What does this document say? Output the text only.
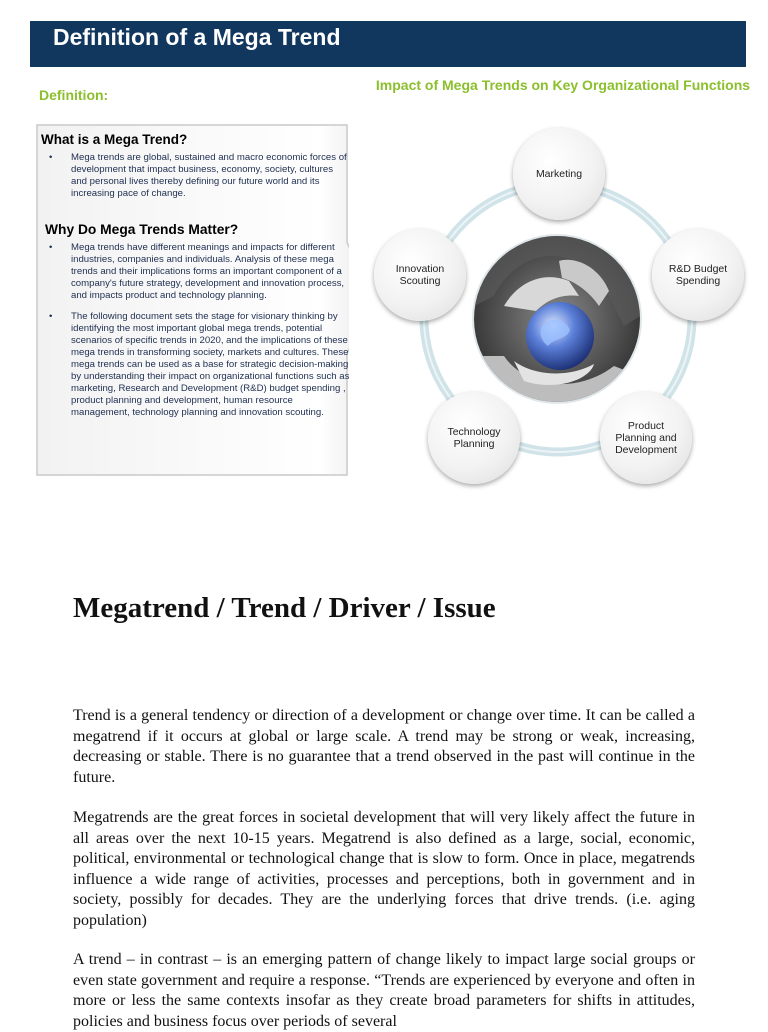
Definition of a Mega Trend
Definition:
Impact of Mega Trends on Key Organizational Functions
What is a Mega Trend?
• Mega trends are global, sustained and macro economic forces of development that impact business, economy, society, cultures and personal lives thereby defining our future world and its increasing pace of change.
Why Do Mega Trends Matter?
• Mega trends have different meanings and impacts for different industries, companies and individuals. Analysis of these mega trends and their implications forms an important component of a company's future strategy, development and innovation process, and impacts product and technology planning.
• The following document sets the stage for visionary thinking by identifying the most important global mega trends, potential scenarios of specific trends in 2020, and the implications of these mega trends in transforming society, markets and cultures. These mega trends can be used as a base for strategic decision-making by understanding their impact on organizational functions such as marketing, Research and Development (R&D) budget spending , product planning and development, human resource management, technology planning and innovation scouting.
Marketing
R&D Budget Spending
Product Planning and Development
Technology Planning
Innovation Scouting
Megatrend / Trend / Driver / Issue

Trend is a general tendency or direction of a development or change over time. It can be called a megatrend if it occurs at global or large scale. A trend may be strong or weak, increasing, decreasing or stable. There is no guarantee that a trend observed in the past will continue in the future.

Megatrends are the great forces in societal development that will very likely affect the future in all areas over the next 10-15 years. Megatrend is also defined as a large, social, economic, political, environmental or technological change that is slow to form. Once in place, megatrends influence a wide range of activities, processes and perceptions, both in government and in society, possibly for decades. They are the underlying forces that drive trends. (i.e. aging population)

A trend – in contrast – is an emerging pattern of change likely to impact large social groups or even state government and require a response. “Trends are experienced by everyone and often in more or less the same contexts insofar as they create broad parameters for shifts in attitudes, policies and business focus over periods of several
